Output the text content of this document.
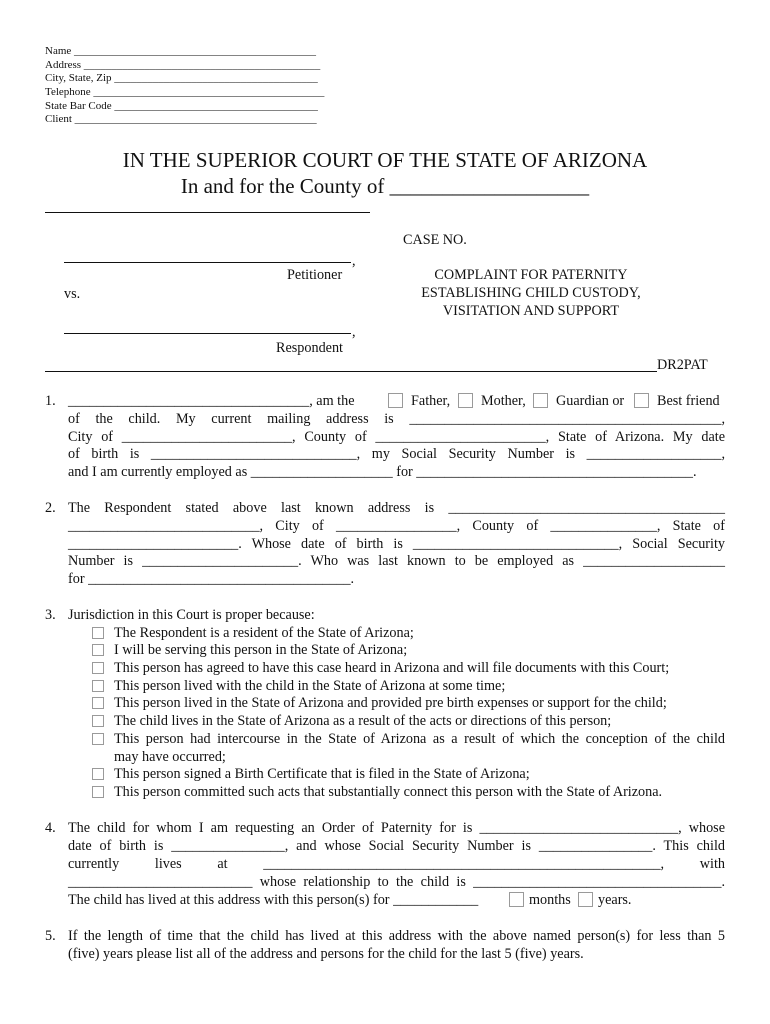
Name ____________________________________________
Address ___________________________________________
City, State, Zip _____________________________________
Telephone __________________________________________
State Bar Code _____________________________________
Client ____________________________________________
IN THE SUPERIOR COURT OF THE STATE OF ARIZONA
In and for the County of ___________________
CASE NO.
,
Petitioner
vs.
COMPLAINT FOR PATERNITY
ESTABLISHING CHILD CUSTODY,
VISITATION AND SUPPORT
,
Respondent
DR2PAT
1. __________________________________, am the	Father, Mother, Guardian or Best friend
of the child. My current mailing address is ____________________________________________,
City of ________________________, County of ________________________, State of Arizona. My date
of birth is _____________________________, my Social Security Number is ___________________,
and I am currently employed as ____________________ for _______________________________________.
2. The Respondent stated above last known address is _______________________________________
___________________________, City of _________________, County of _______________, State of
________________________. Whose date of birth is _____________________________, Social Security
Number is ______________________. Who was last known to be employed as ____________________
for _____________________________________.
3. Jurisdiction in this Court is proper because:
The Respondent is a resident of the State of Arizona;
I will be serving this person in the State of Arizona;
This person has agreed to have this case heard in Arizona and will file documents with this Court;
This person lived with the child in the State of Arizona at some time;
This person lived in the State of Arizona and provided pre birth expenses or support for the child;
The child lives in the State of Arizona as a result of the acts or directions of this person;
This person had intercourse in the State of Arizona as a result of which the conception of the child
may have occurred;
This person signed a Birth Certificate that is filed in the State of Arizona;
This person committed such acts that substantially connect this person with the State of Arizona.
4. The child for whom I am requesting an Order of Paternity for is ____________________________, whose
date of birth is ________________, and whose Social Security Number is ________________. This child
currently lives at ________________________________________________________, with
__________________________ whose relationship to the child is ___________________________________.
The child has lived at this address with this person(s) for ____________	months years.
5. If the length of time that the child has lived at this address with the above named person(s) for less than 5
(five) years please list all of the address and persons for the child for the last 5 (five) years.
